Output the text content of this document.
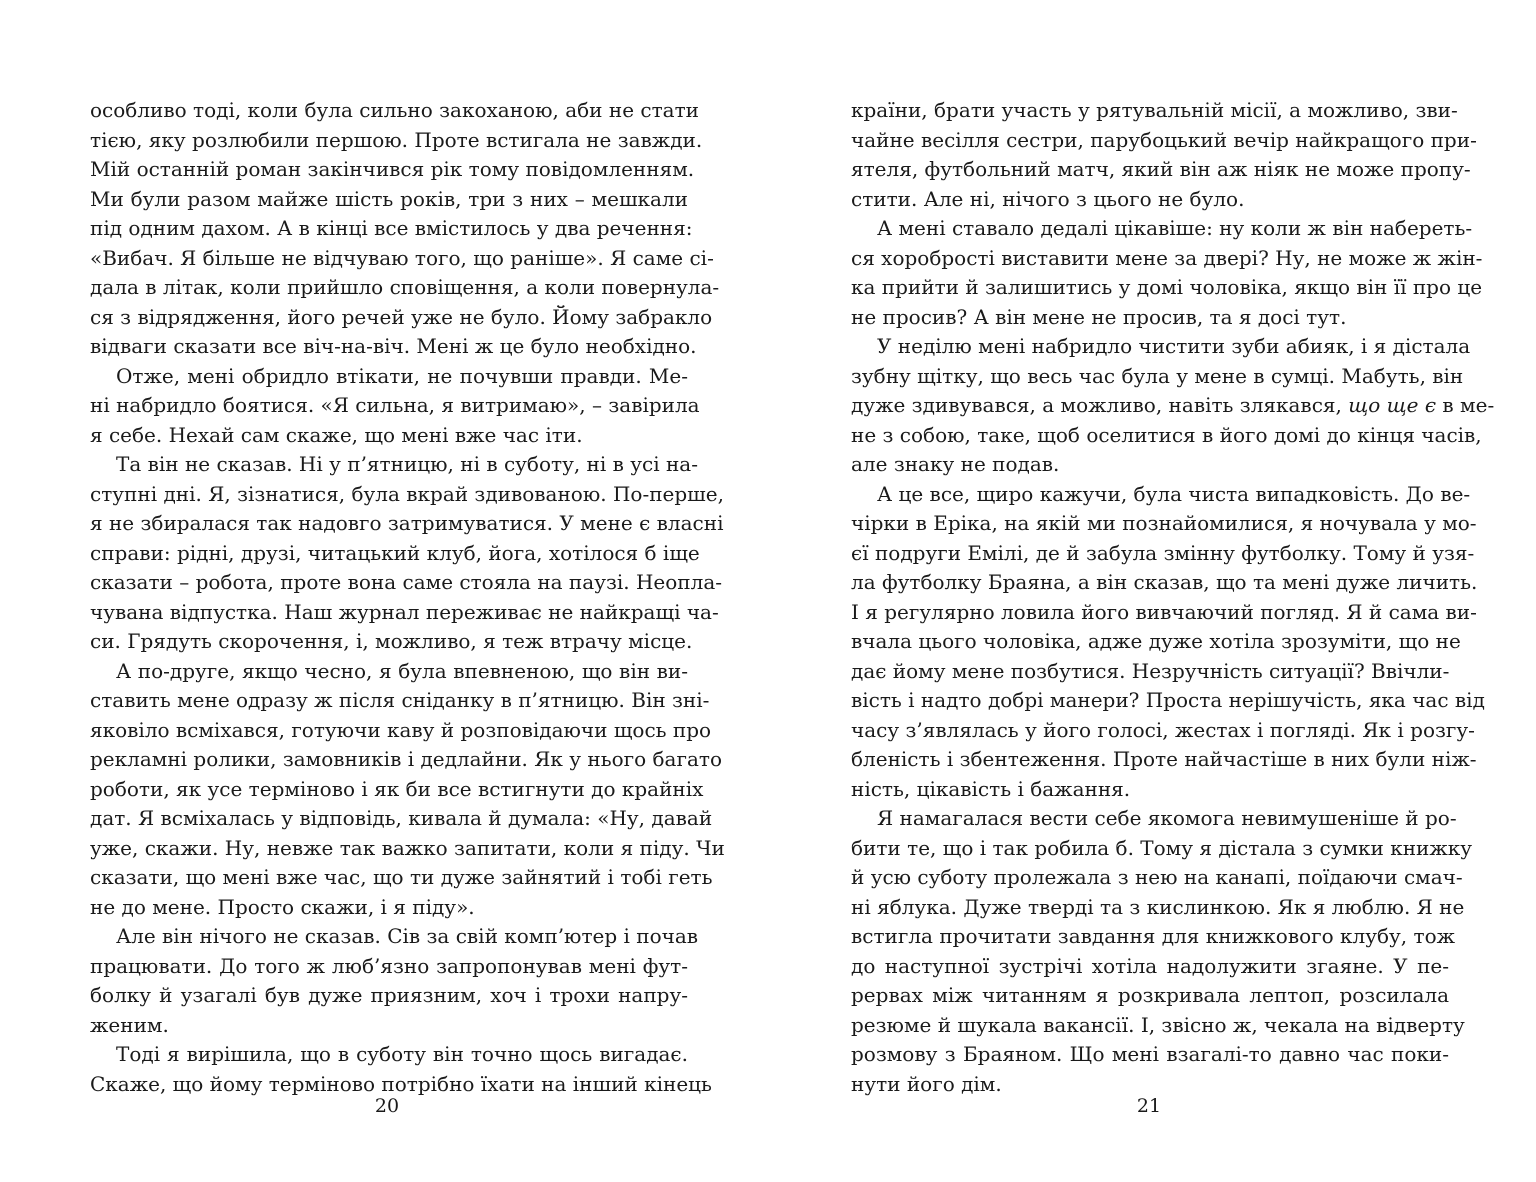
особливо тоді, коли була сильно закоханою, аби не стати
тією, яку розлюбили першою. Проте встигала не завжди.
Мій останній роман закінчився рік тому повідомленням.
Ми були разом майже шість років, три з них – мешкали
під одним дахом. А в кінці все вмістилось у два речення:
«Вибач. Я більше не відчуваю того, що раніше». Я саме сі-
дала в літак, коли прийшло сповіщення, а коли повернула-
ся з відрядження, його речей уже не було. Йому забракло
відваги сказати все віч-на-віч. Мені ж це було необхідно.
Отже, мені обридло втікати, не почувши правди. Ме-
ні набридло боятися. «Я сильна, я витримаю», – завірила
я себе. Нехай сам скаже, що мені вже час іти.
Та він не сказав. Ні у п’ятницю, ні в суботу, ні в усі на-
ступні дні. Я, зізнатися, була вкрай здивованою. По-перше,
я не збиралася так надовго затримуватися. У мене є власні
справи: рідні, друзі, читацький клуб, йога, хотілося б іще
сказати – робота, проте вона саме стояла на паузі. Неопла-
чувана відпустка. Наш журнал переживає не найкращі ча-
си. Грядуть скорочення, і, можливо, я теж втрачу місце.
А по-друге, якщо чесно, я була впевненою, що він ви-
ставить мене одразу ж після сніданку в п’ятницю. Він зні-
яковіло всміхався, готуючи каву й розповідаючи щось про
рекламні ролики, замовників і дедлайни. Як у нього багато
роботи, як усе терміново і як би все встигнути до крайніх
дат. Я всміхалась у відповідь, кивала й думала: «Ну, давай
уже, скажи. Ну, невже так важко запитати, коли я піду. Чи
сказати, що мені вже час, що ти дуже зайнятий і тобі геть
не до мене. Просто скажи, і я піду».
Але він нічого не сказав. Сів за свій комп’ютер і почав
працювати. До того ж люб’язно запропонував мені фут-
болку й узагалі був дуже приязним, хоч і трохи напру-
женим.
Тоді я вирішила, що в суботу він точно щось вигадає.
Скаже, що йому терміново потрібно їхати на інший кінець
країни, брати участь у рятувальній місії, а можливо, зви-
чайне весілля сестри, парубоцький вечір найкращого при-
ятеля, футбольний матч, який він аж ніяк не може пропу-
стити. Але ні, нічого з цього не було.
А мені ставало дедалі цікавіше: ну коли ж він набереть-
ся хоробрості виставити мене за двері? Ну, не може ж жін-
ка прийти й залишитись у домі чоловіка, якщо він її про це
не просив? А він мене не просив, та я досі тут.
У неділю мені набридло чистити зуби абияк, і я дістала
зубну щітку, що весь час була у мене в сумці. Мабуть, він
дуже здивувався, а можливо, навіть злякався, що ще є в ме-
не з собою, таке, щоб оселитися в його домі до кінця часів,
але знаку не подав.
А це все, щиро кажучи, була чиста випадковість. До ве-
чірки в Еріка, на якій ми познайомилися, я ночувала у мо-
єї подруги Емілі, де й забула змінну футболку. Тому й узя-
ла футболку Браяна, а він сказав, що та мені дуже личить.
І я регулярно ловила його вивчаючий погляд. Я й сама ви-
вчала цього чоловіка, адже дуже хотіла зрозуміти, що не
дає йому мене позбутися. Незручність ситуації? Ввічли-
вість і надто добрі манери? Проста нерішучість, яка час від
часу з’являлась у його голосі, жестах і погляді. Як і розгу-
бленість і збентеження. Проте найчастіше в них були ніж-
ність, цікавість і бажання.
Я намагалася вести себе якомога невимушеніше й ро-
бити те, що і так робила б. Тому я дістала з сумки книжку
й усю суботу пролежала з нею на канапі, поїдаючи смач-
ні яблука. Дуже тверді та з кислинкою. Як я люблю. Я не
встигла прочитати завдання для книжкового клубу, тож
до наступної зустрічі хотіла надолужити згаяне. У пе-
рервах між читанням я розкривала лептоп, розсилала
резюме й шукала вакансії. І, звісно ж, чекала на відверту
розмову з Браяном. Що мені взагалі-то давно час поки-
нути його дім.
20	21
